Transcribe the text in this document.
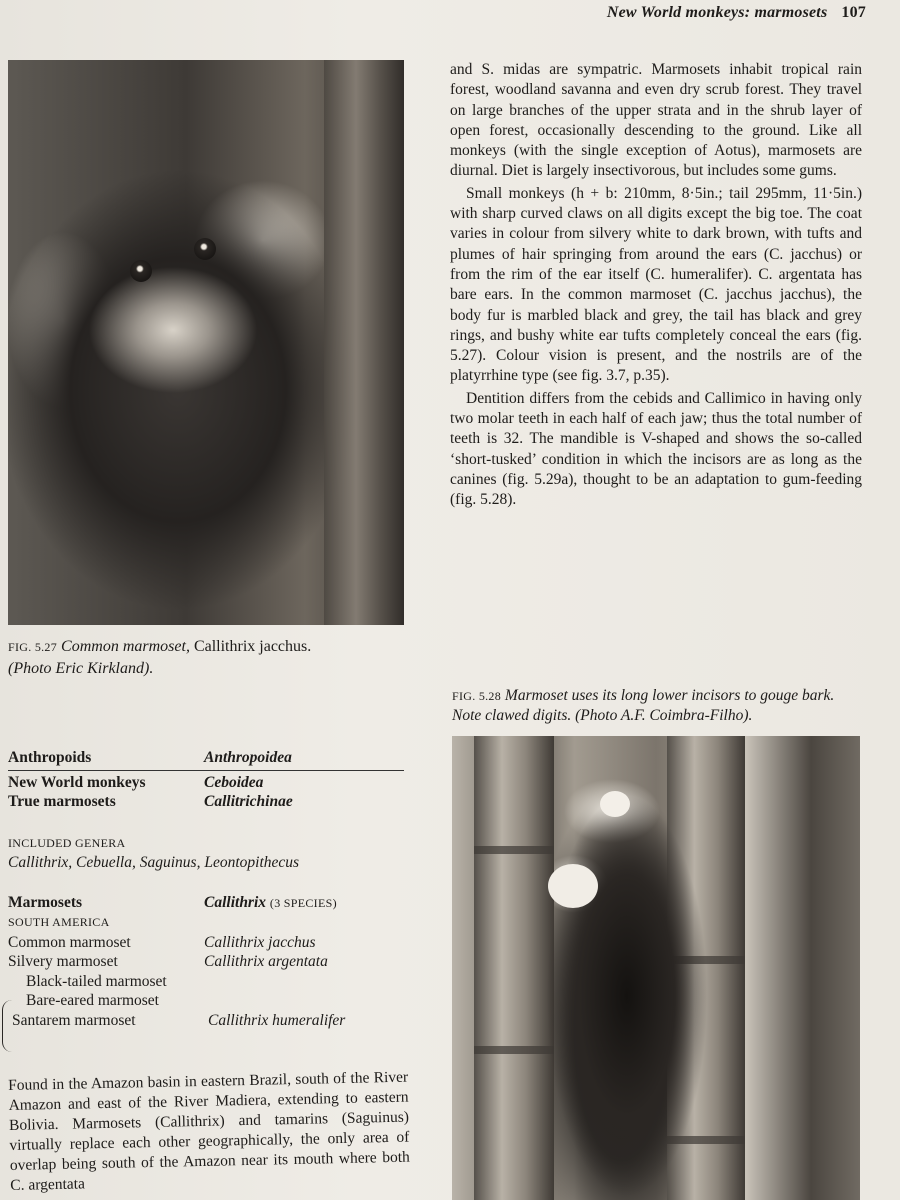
New World monkeys: marmosets 107
FIG. 5.27 Common marmoset, Callithrix jacchus.
(Photo Eric Kirkland).

and S. midas are sympatric. Marmosets inhabit tropical rain forest, woodland savanna and even dry scrub forest. They travel on large branches of the upper strata and in the shrub layer of open forest, occasionally descending to the ground. Like all monkeys (with the single exception of Aotus), marmosets are diurnal. Diet is largely insectivorous, but includes some gums.

Small monkeys (h + b: 210mm, 8·5in.; tail 295mm, 11·5in.) with sharp curved claws on all digits except the big toe. The coat varies in colour from silvery white to dark brown, with tufts and plumes of hair springing from around the ears (C. jacchus) or from the rim of the ear itself (C. humeralifer). C. argentata has bare ears. In the common marmoset (C. jacchus jacchus), the body fur is marbled black and grey, the tail has black and grey rings, and bushy white ear tufts completely conceal the ears (fig. 5.27). Colour vision is present, and the nostrils are of the platyrrhine type (see fig. 3.7, p.35).

Dentition differs from the cebids and Callimico in having only two molar teeth in each half of each jaw; thus the total number of teeth is 32. The mandible is V-shaped and shows the so-called ‘short-tusked’ condition in which the incisors are as long as the canines (fig. 5.29a), thought to be an adaptation to gum-feeding (fig. 5.28).

FIG. 5.28 Marmoset uses its long lower incisors to gouge bark. Note clawed digits. (Photo A.F. Coimbra-Filho).
Anthropoids	Anthropoidea
New World monkeys	Ceboidea
True marmosets	Callitrichinae
INCLUDED GENERA
Callithrix, Cebuella, Saguinus, Leontopithecus
Marmosets	Callithrix (3 SPECIES)
SOUTH AMERICA
Common marmoset	Callithrix jacchus
Silvery marmoset	Callithrix argentata
Black-tailed marmoset
Bare-eared marmoset
Santarem marmoset	Callithrix humeralifer

Found in the Amazon basin in eastern Brazil, south of the River Amazon and east of the River Madiera, extending to eastern Bolivia. Marmosets (Callithrix) and tamarins (Saguinus) virtually replace each other geographically, the only area of overlap being south of the Amazon near its mouth where both C. argentata
